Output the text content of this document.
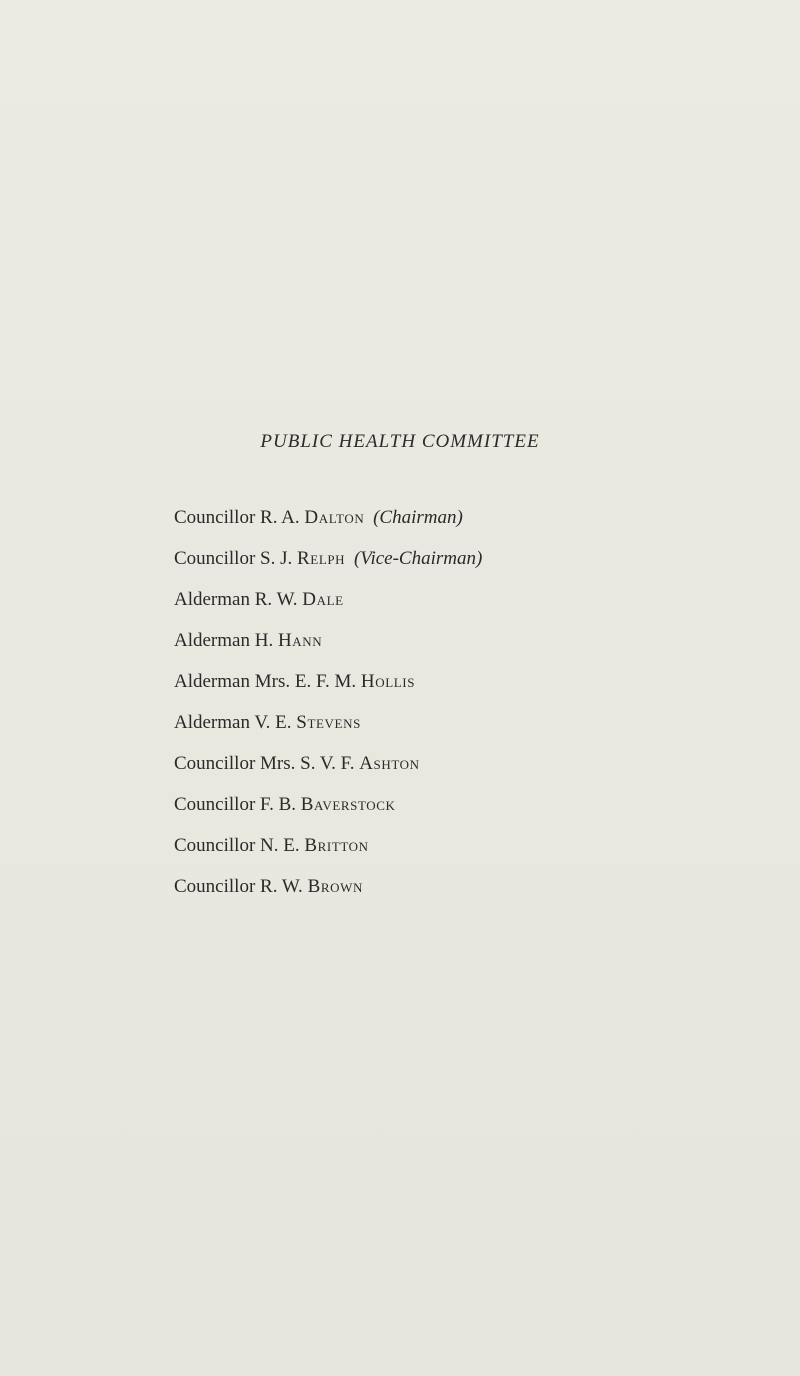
PUBLIC HEALTH COMMITTEE
Councillor R. A. Dalton (Chairman)
Councillor S. J. Relph (Vice-Chairman)
Alderman R. W. Dale
Alderman H. Hann
Alderman Mrs. E. F. M. Hollis
Alderman V. E. Stevens
Councillor Mrs. S. V. F. Ashton
Councillor F. B. Baverstock
Councillor N. E. Britton
Councillor R. W. Brown
